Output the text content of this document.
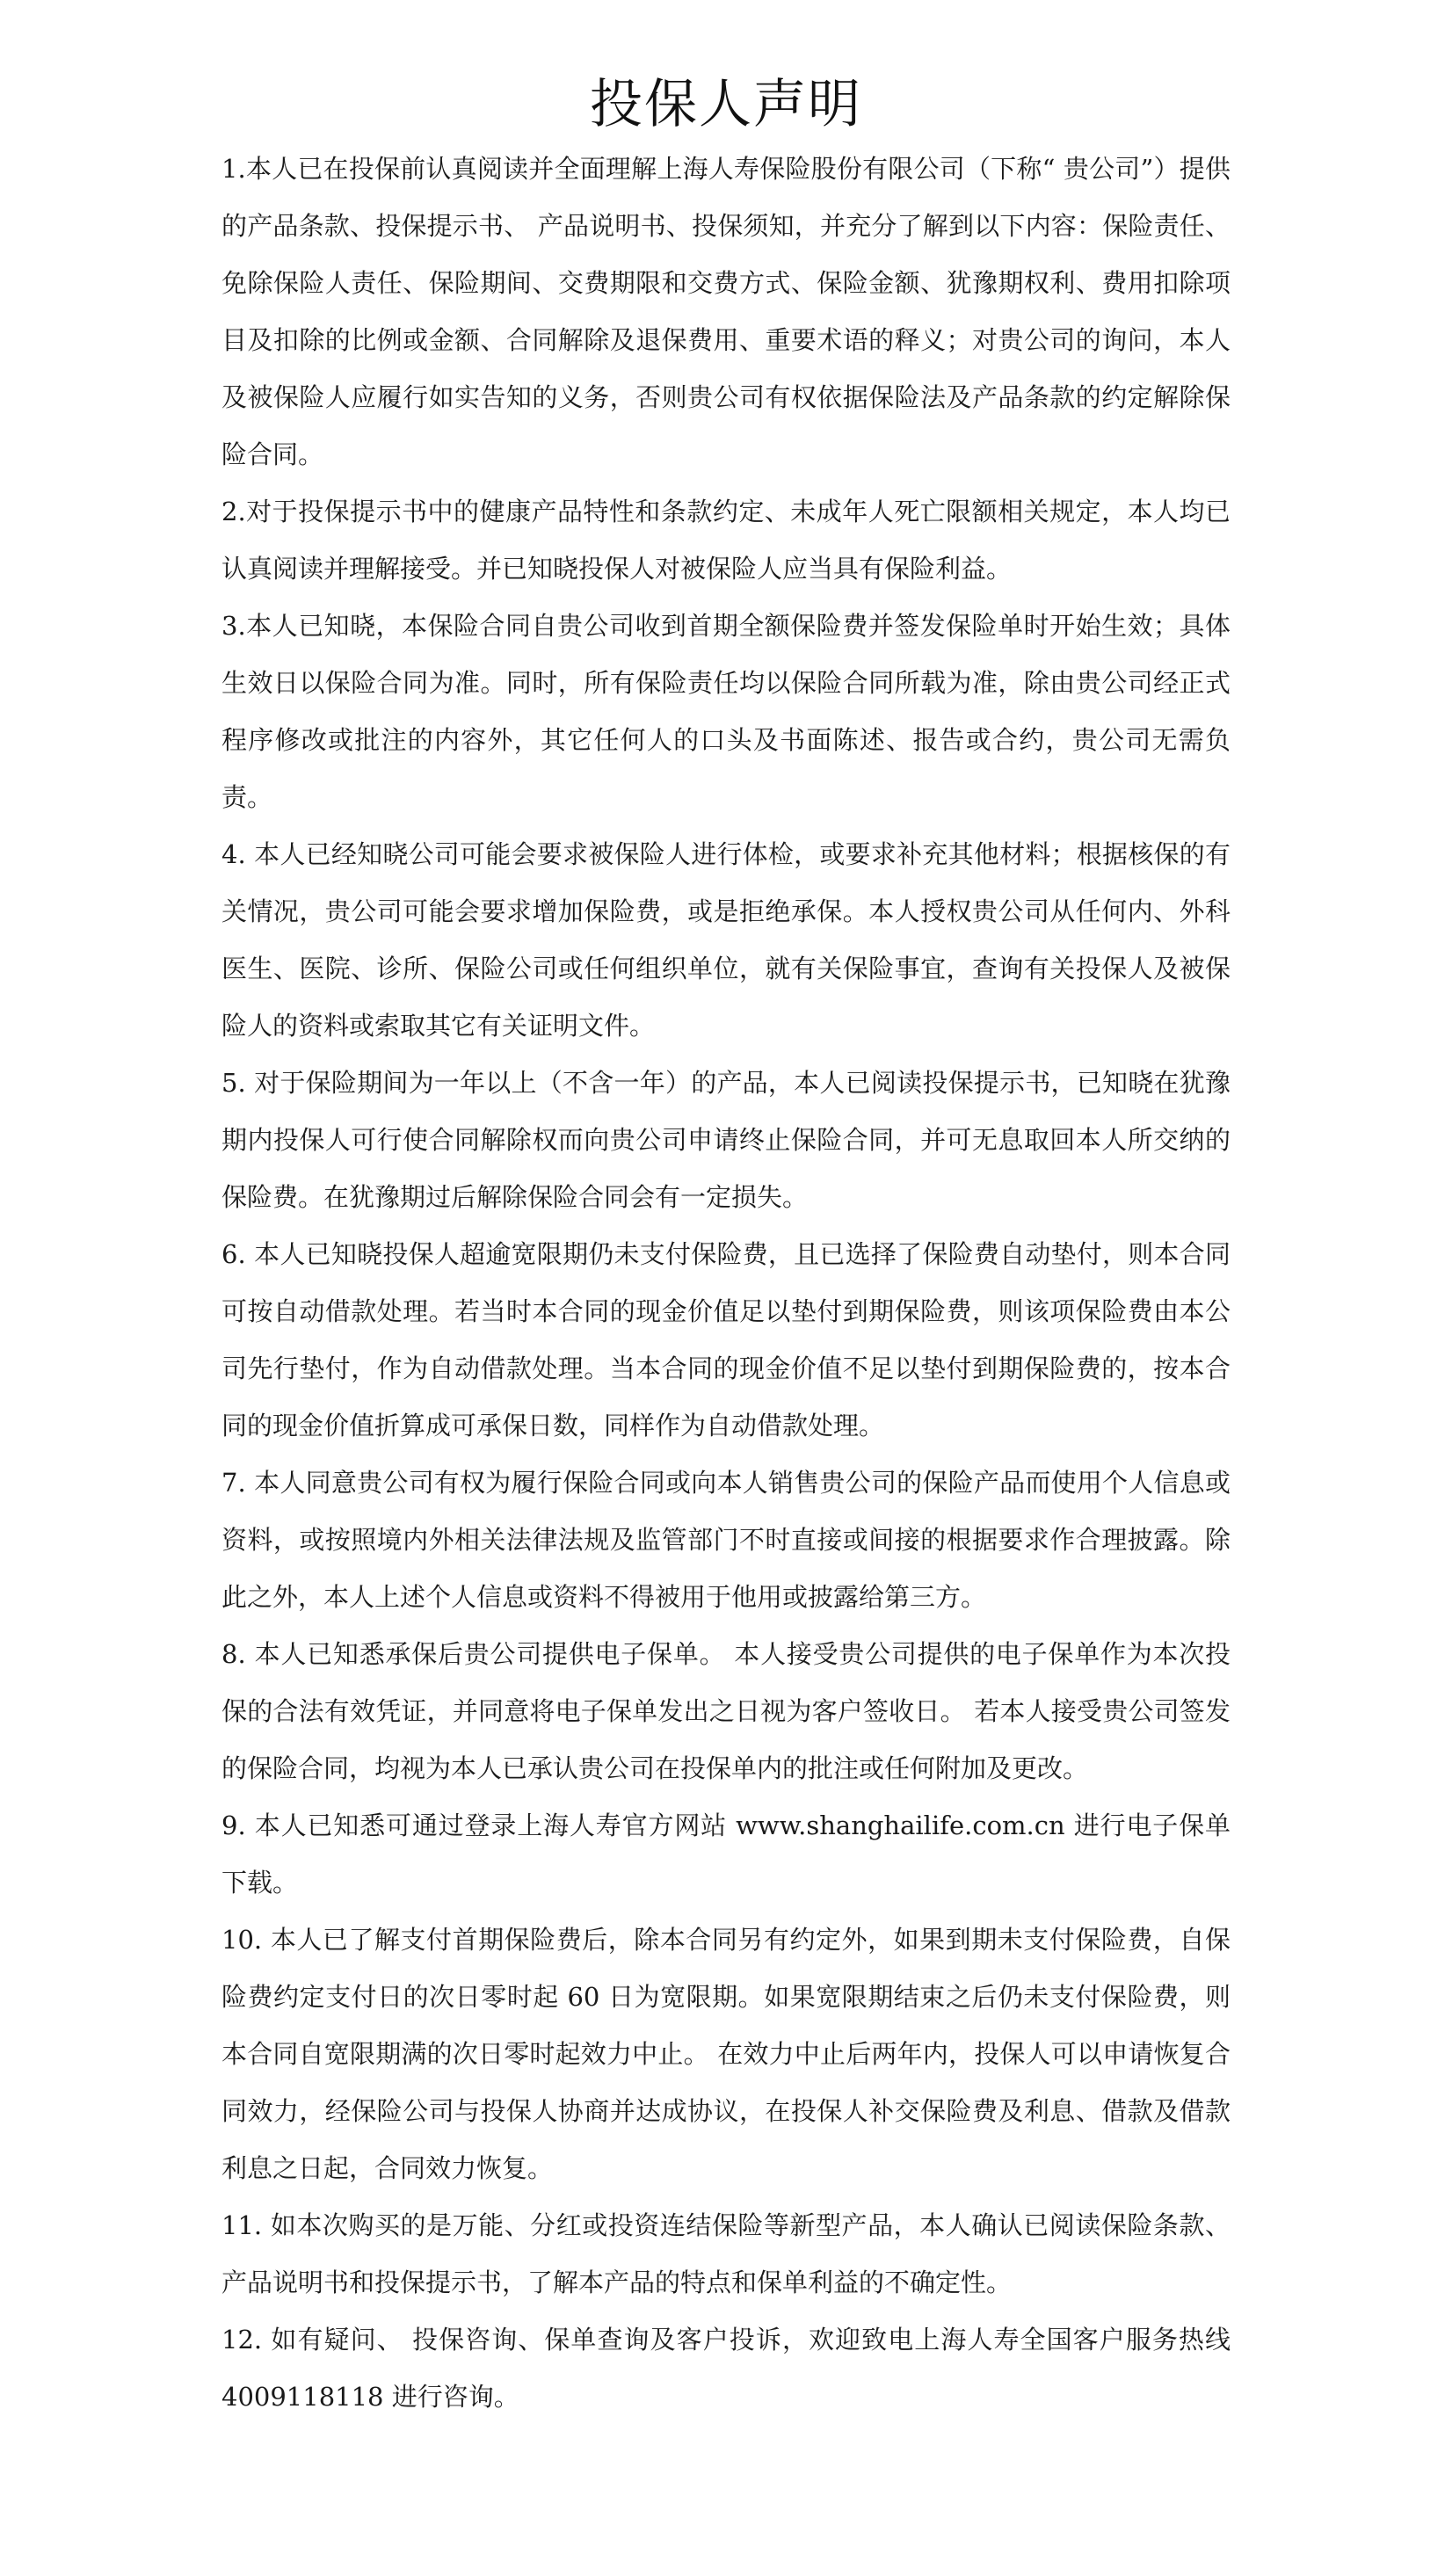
投保人声明

1.本人已在投保前认真阅读并全面理解上海人寿保险股份有限公司（下称“ 贵公司”）提供的产品条款、投保提示书、 产品说明书、投保须知，并充分了解到以下内容：保险责任、 免除保险人责任、保险期间、交费期限和交费方式、保险金额、犹豫期权利、费用扣除项目及扣除的比例或金额、合同解除及退保费用、重要术语的释义；对贵公司的询问，本人及被保险人应履行如实告知的义务，否则贵公司有权依据保险法及产品条款的约定解除保险合同。

2.对于投保提示书中的健康产品特性和条款约定、未成年人死亡限额相关规定，本人均已认真阅读并理解接受。并已知晓投保人对被保险人应当具有保险利益。

3.本人已知晓，本保险合同自贵公司收到首期全额保险费并签发保险单时开始生效；具体生效日以保险合同为准。同时，所有保险责任均以保险合同所载为准，除由贵公司经正式程序修改或批注的内容外，其它任何人的口头及书面陈述、报告或合约，贵公司无需负责。

4. 本人已经知晓公司可能会要求被保险人进行体检，或要求补充其他材料；根据核保的有关情况，贵公司可能会要求增加保险费，或是拒绝承保。本人授权贵公司从任何内、外科医生、医院、诊所、保险公司或任何组织单位，就有关保险事宜，查询有关投保人及被保险人的资料或索取其它有关证明文件。

5. 对于保险期间为一年以上（不含一年）的产品，本人已阅读投保提示书，已知晓在犹豫期内投保人可行使合同解除权而向贵公司申请终止保险合同，并可无息取回本人所交纳的保险费。在犹豫期过后解除保险合同会有一定损失。

6. 本人已知晓投保人超逾宽限期仍未支付保险费，且已选择了保险费自动垫付，则本合同可按自动借款处理。若当时本合同的现金价值足以垫付到期保险费，则该项保险费由本公司先行垫付，作为自动借款处理。当本合同的现金价值不足以垫付到期保险费的，按本合同的现金价值折算成可承保日数，同样作为自动借款处理。

7. 本人同意贵公司有权为履行保险合同或向本人销售贵公司的保险产品而使用个人信息或资料，或按照境内外相关法律法规及监管部门不时直接或间接的根据要求作合理披露。除此之外，本人上述个人信息或资料不得被用于他用或披露给第三方。

8. 本人已知悉承保后贵公司提供电子保单。 本人接受贵公司提供的电子保单作为本次投保的合法有效凭证，并同意将电子保单发出之日视为客户签收日。 若本人接受贵公司签发的保险合同，均视为本人已承认贵公司在投保单内的批注或任何附加及更改。

9. 本人已知悉可通过登录上海人寿官方网站 www.shanghailife.com.cn 进行电子保单下载。

10. 本人已了解支付首期保险费后，除本合同另有约定外，如果到期未支付保险费，自保险费约定支付日的次日零时起 60 日为宽限期。如果宽限期结束之后仍未支付保险费，则本合同自宽限期满的次日零时起效力中止。 在效力中止后两年内，投保人可以申请恢复合同效力，经保险公司与投保人协商并达成协议，在投保人补交保险费及利息、借款及借款利息之日起，合同效力恢复。

11. 如本次购买的是万能、分红或投资连结保险等新型产品，本人确认已阅读保险条款、产品说明书和投保提示书，了解本产品的特点和保单利益的不确定性。

12. 如有疑问、 投保咨询、保单查询及客户投诉，欢迎致电上海人寿全国客户服务热线 4009118118 进行咨询。
